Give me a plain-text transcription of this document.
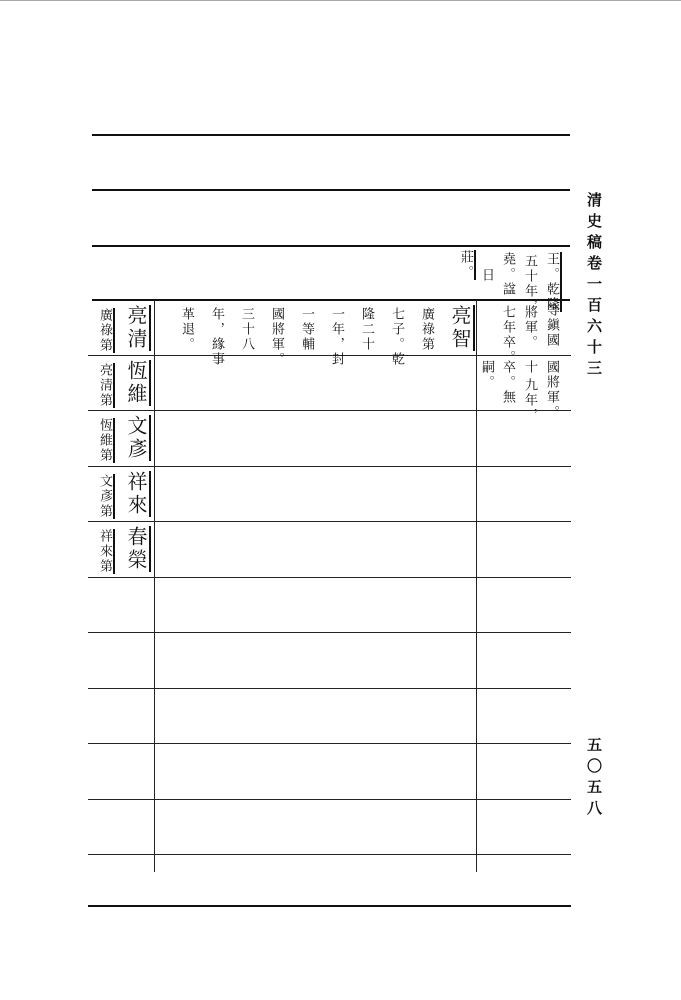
清史稿卷一百六十三
五〇五八
王。乾隆
等鎭國
五十年，
堯。諡
日
莊。
將軍。
七年卒。
國將軍。
十
九年，
卒。無
嗣。
亮智
廣祿第
七子。乾
隆二十
一年，封
一等輔
國將軍。
三十八
年，緣事
革退。
亮清
廣祿第
恆維
亮清第
文彥
恆維第
祥來
文彥第
春榮
祥來第
